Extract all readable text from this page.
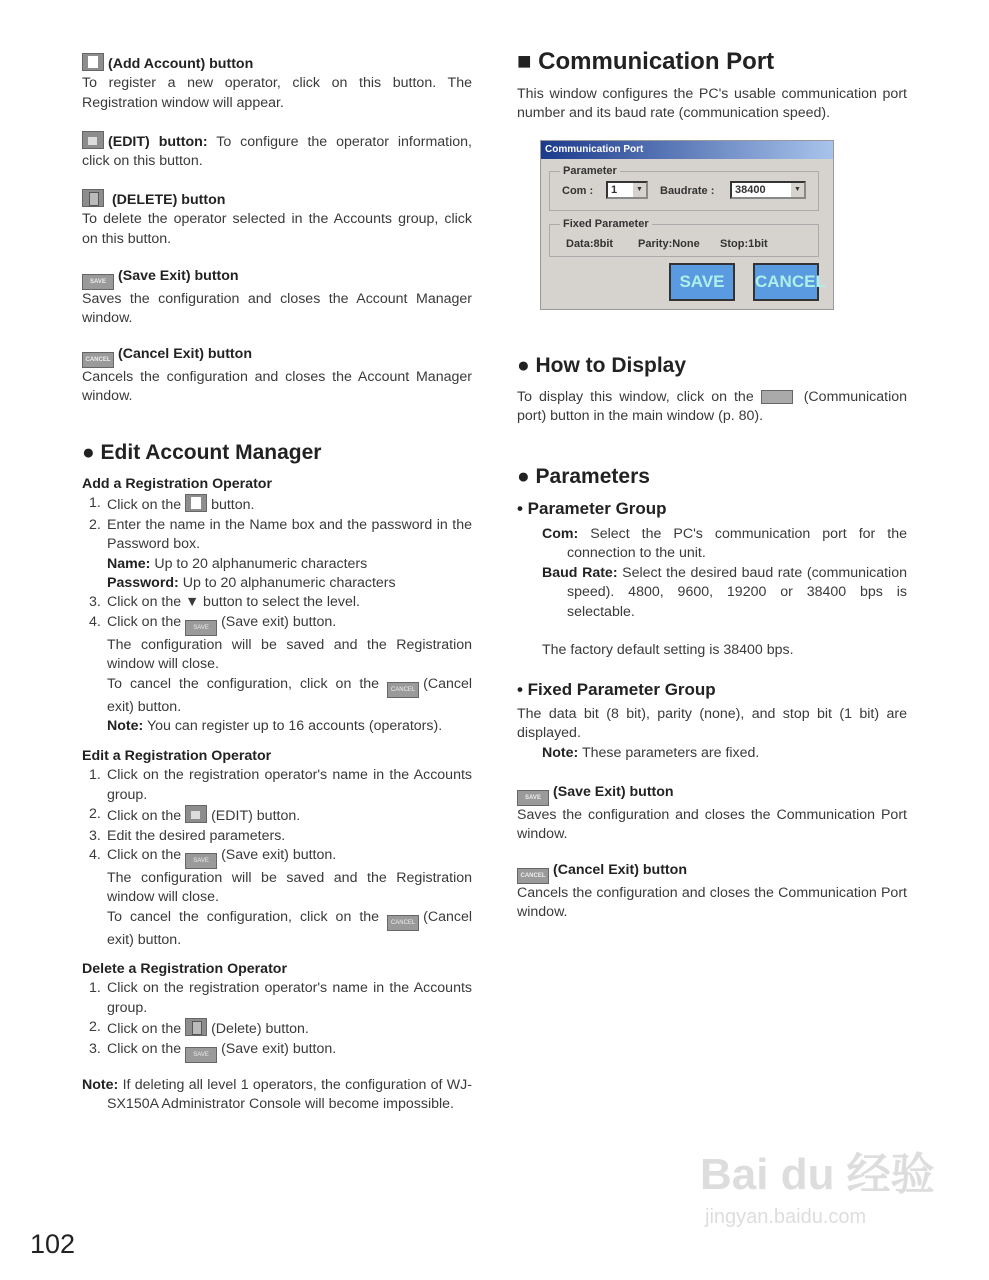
(Add Account) button

To register a new operator, click on this button. The Registration window will appear.

(EDIT) button: To configure the operator information, click on this button.

(DELETE) button

To delete the operator selected in the Accounts group, click on this button.

SAVE (Save Exit) button

Saves the configuration and closes the Account Manager window.

CANCEL (Cancel Exit) button

Cancels the configuration and closes the Account Manager window.

● Edit Account Manager
Add a Registration Operator
1. Click on the button.
2. Enter the name in the Name box and the password in the Password box.
Name: Up to 20 alphanumeric characters
Password: Up to 20 alphanumeric characters
3. Click on the ▼ button to select the level.
4. Click on the SAVE (Save exit) button.
The configuration will be saved and the Registration window will close.
To cancel the configuration, click on the CANCEL (Cancel exit) button.
Note: You can register up to 16 accounts (operators).
Edit a Registration Operator
1. Click on the registration operator's name in the Accounts group.
2. Click on the (EDIT) button.
3. Edit the desired parameters.
4. Click on the SAVE (Save exit) button.
The configuration will be saved and the Registration window will close.
To cancel the configuration, click on the CANCEL (Cancel exit) button.
Delete a Registration Operator
1. Click on the registration operator's name in the Accounts group.
2. Click on the (Delete) button.
3. Click on the SAVE (Save exit) button.
Note: If deleting all level 1 operators, the configuration of WJ-SX150A Administrator Console will become impossible.
■ Communication Port

This window configures the PC's usable communication port number and its baud rate (communication speed).

Communication Port
Parameter
Com :	1	▼ Baudrate :	38400	▼
Fixed Parameter
Data:8bit Parity:None Stop:1bit
SAVE	CANCEL
● How to Display

To display this window, click on the	(Communication port) button in the main window (p. 80).

● Parameters
• Parameter Group

Com: Select the PC's communication port for the connection to the unit.

Baud Rate: Select the desired baud rate (communication speed). 4800, 9600, 19200 or 38400 bps is selectable.

The factory default setting is 38400 bps.

• Fixed Parameter Group

The data bit (8 bit), parity (none), and stop bit (1 bit) are displayed.

Note: These parameters are fixed.

SAVE (Save Exit) button

Saves the configuration and closes the Communication Port window.

CANCEL (Cancel Exit) button

Cancels the configuration and closes the Communication Port window.

Bai du 经验
jingyan.baidu.com
102
